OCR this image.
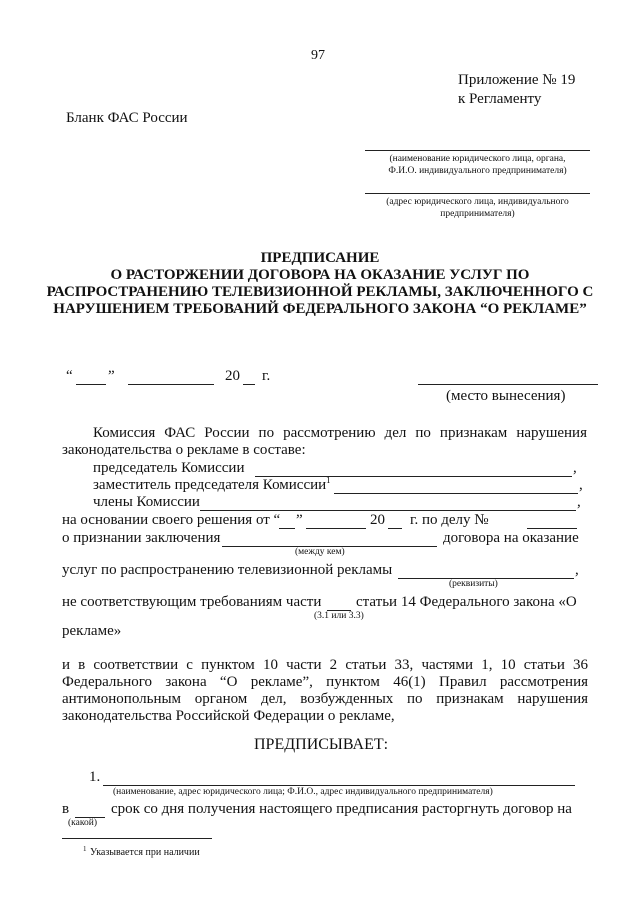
97
Приложение № 19
к Регламенту
Бланк ФАС России
(наименование юридического лица, органа,
Ф.И.О. индивидуального предпринимателя)
(адрес юридического лица, индивидуального
предпринимателя)
ПРЕДПИСАНИЕ
О РАСТОРЖЕНИИ ДОГОВОРА НА ОКАЗАНИЕ УСЛУГ ПО
РАСПРОСТРАНЕНИЮ ТЕЛЕВИЗИОННОЙ РЕКЛАМЫ, ЗАКЛЮЧЕННОГО С
НАРУШЕНИЕМ ТРЕБОВАНИЙ ФЕДЕРАЛЬНОГО ЗАКОНА “О РЕКЛАМЕ”
“ ”	20 г.
(место вынесения)
Комиссия ФАС России по рассмотрению дел по признакам нарушения
законодательства о рекламе в составе:
председатель Комиссии	,
заместитель председателя Комиссии 1	,
члены Комиссии	,
на основании своего решения от “ ”	20 г. по делу №
о признании заключения	договора на оказание
(между кем)
услуг по распространению телевизионной рекламы	,
(реквизиты)
не соответствующим требованиям части статьи 14 Федерального закона «О
(3.1 или 3.3)
рекламе»
и в соответствии с пунктом 10 части 2 статьи 33, частями 1, 10 статьи 36
Федерального закона “О рекламе”, пунктом 46(1) Правил рассмотрения
антимонопольным органом дел, возбужденных по признакам нарушения
законодательства Российской Федерации о рекламе,
ПРЕДПИСЫВАЕТ:
1.
(наименование, адрес юридического лица; Ф.И.О., адрес индивидуального предпринимателя)
в	срок со дня получения настоящего предписания расторгнуть договор на
(какой)
1 Указывается при наличии
